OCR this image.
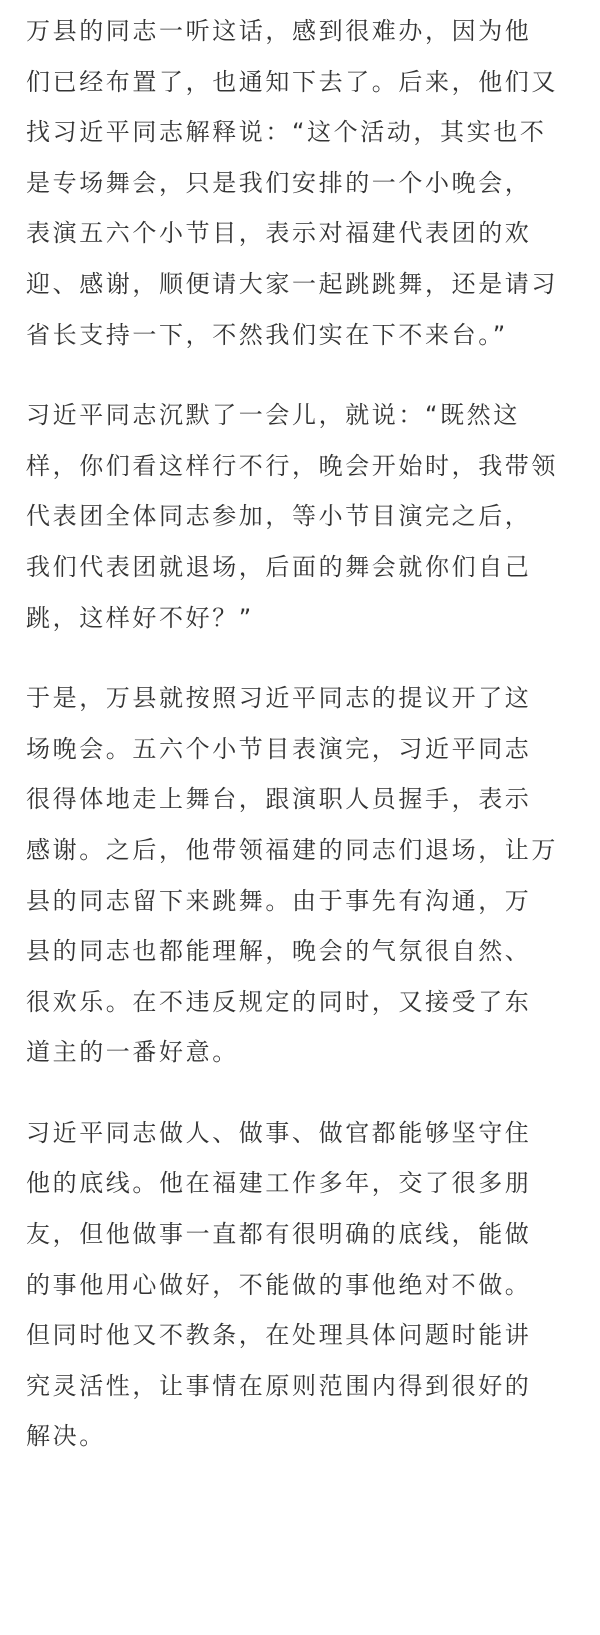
万县的同志一听这话，感到很难办，因为他
们已经布置了，也通知下去了。后来，他们又
找习近平同志解释说：“这个活动，其实也不
是专场舞会，只是我们安排的一个小晚会，
表演五六个小节目，表示对福建代表团的欢
迎、感谢，顺便请大家一起跳跳舞，还是请习
省长支持一下，不然我们实在下不来台。”

习近平同志沉默了一会儿，就说：“既然这
样，你们看这样行不行，晚会开始时，我带领
代表团全体同志参加，等小节目演完之后，
我们代表团就退场，后面的舞会就你们自己
跳，这样好不好？”

于是，万县就按照习近平同志的提议开了这
场晚会。五六个小节目表演完，习近平同志
很得体地走上舞台，跟演职人员握手，表示
感谢。之后，他带领福建的同志们退场，让万
县的同志留下来跳舞。由于事先有沟通，万
县的同志也都能理解，晚会的气氛很自然、
很欢乐。在不违反规定的同时，又接受了东
道主的一番好意。

习近平同志做人、做事、做官都能够坚守住
他的底线。他在福建工作多年，交了很多朋
友，但他做事一直都有很明确的底线，能做
的事他用心做好，不能做的事他绝对不做。
但同时他又不教条，在处理具体问题时能讲
究灵活性，让事情在原则范围内得到很好的
解决。
